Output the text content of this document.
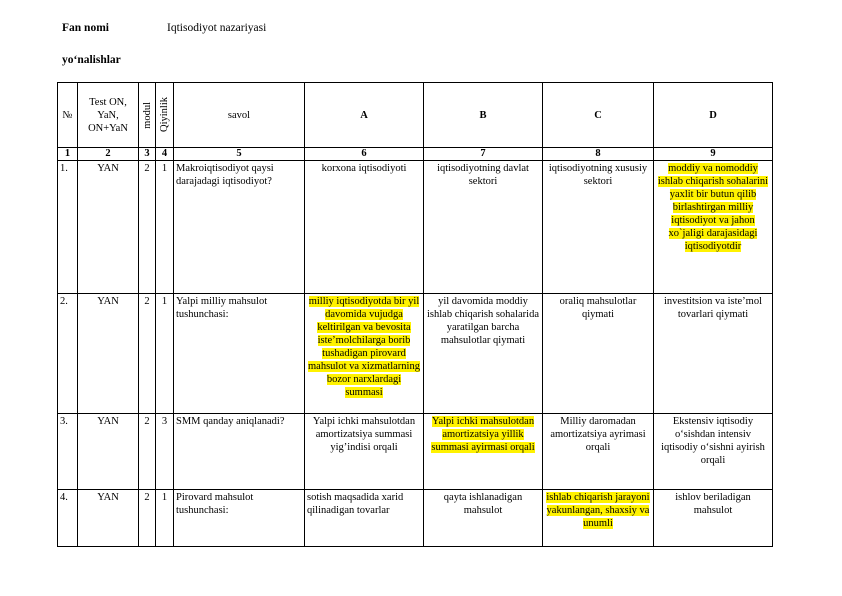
Fan nomi	Iqtisodiyot nazariyasi
yo‘nalishlar
№	Test ON, YaN, ON+YaN	modul	Qiyinlik	savol	A	B	C	D
1	2	3	4	5	6	7	8	9
1.	YAN	2	1	Makroiqtisodiyot qaysi darajadagi iqtisodiyot?	korxona iqtisodiyoti	iqtisodiyotning davlat sektori	iqtisodiyotning xususiy sektori	moddiy va nomoddiy ishlab chiqarish sohalarini yaxlit bir butun qilib birlashtirgan milliy iqtisodiyot va jahon xo`jaligi darajasidagi iqtisodiyotdir
2.	YAN	2	1	Yalpi milliy mahsulot tushunchasi:	milliy iqtisodiyotda bir yil davomida vujudga keltirilgan va bevosita iste’molchilarga borib tushadigan pirovard mahsulot va xizmatlarning bozor narxlardagi summasi	yil davomida moddiy ishlab chiqarish sohalarida yaratilgan barcha mahsulotlar qiymati	oraliq mahsulotlar qiymati	investitsion va iste’mol tovarlari qiymati
3.	YAN	2	3	SMM qanday aniqlanadi?	Yalpi ichki mahsulotdan amortizatsiya summasi yig’indisi orqali	Yalpi ichki mahsulotdan amortizatsiya yillik summasi ayirmasi orqali	Milliy daromadan amortizatsiya ayrimasi orqali	Ekstensiv iqtisodiy o‘sishdan intensiv iqtisodiy o‘sishni ayirish orqali
4.	YAN	2	1	Pirovard mahsulot tushunchasi:	sotish maqsadida xarid qilinadigan tovarlar	qayta ishlanadigan mahsulot	ishlab chiqarish jarayoni yakunlangan, shaxsiy va unumli	ishlov beriladigan mahsulot
